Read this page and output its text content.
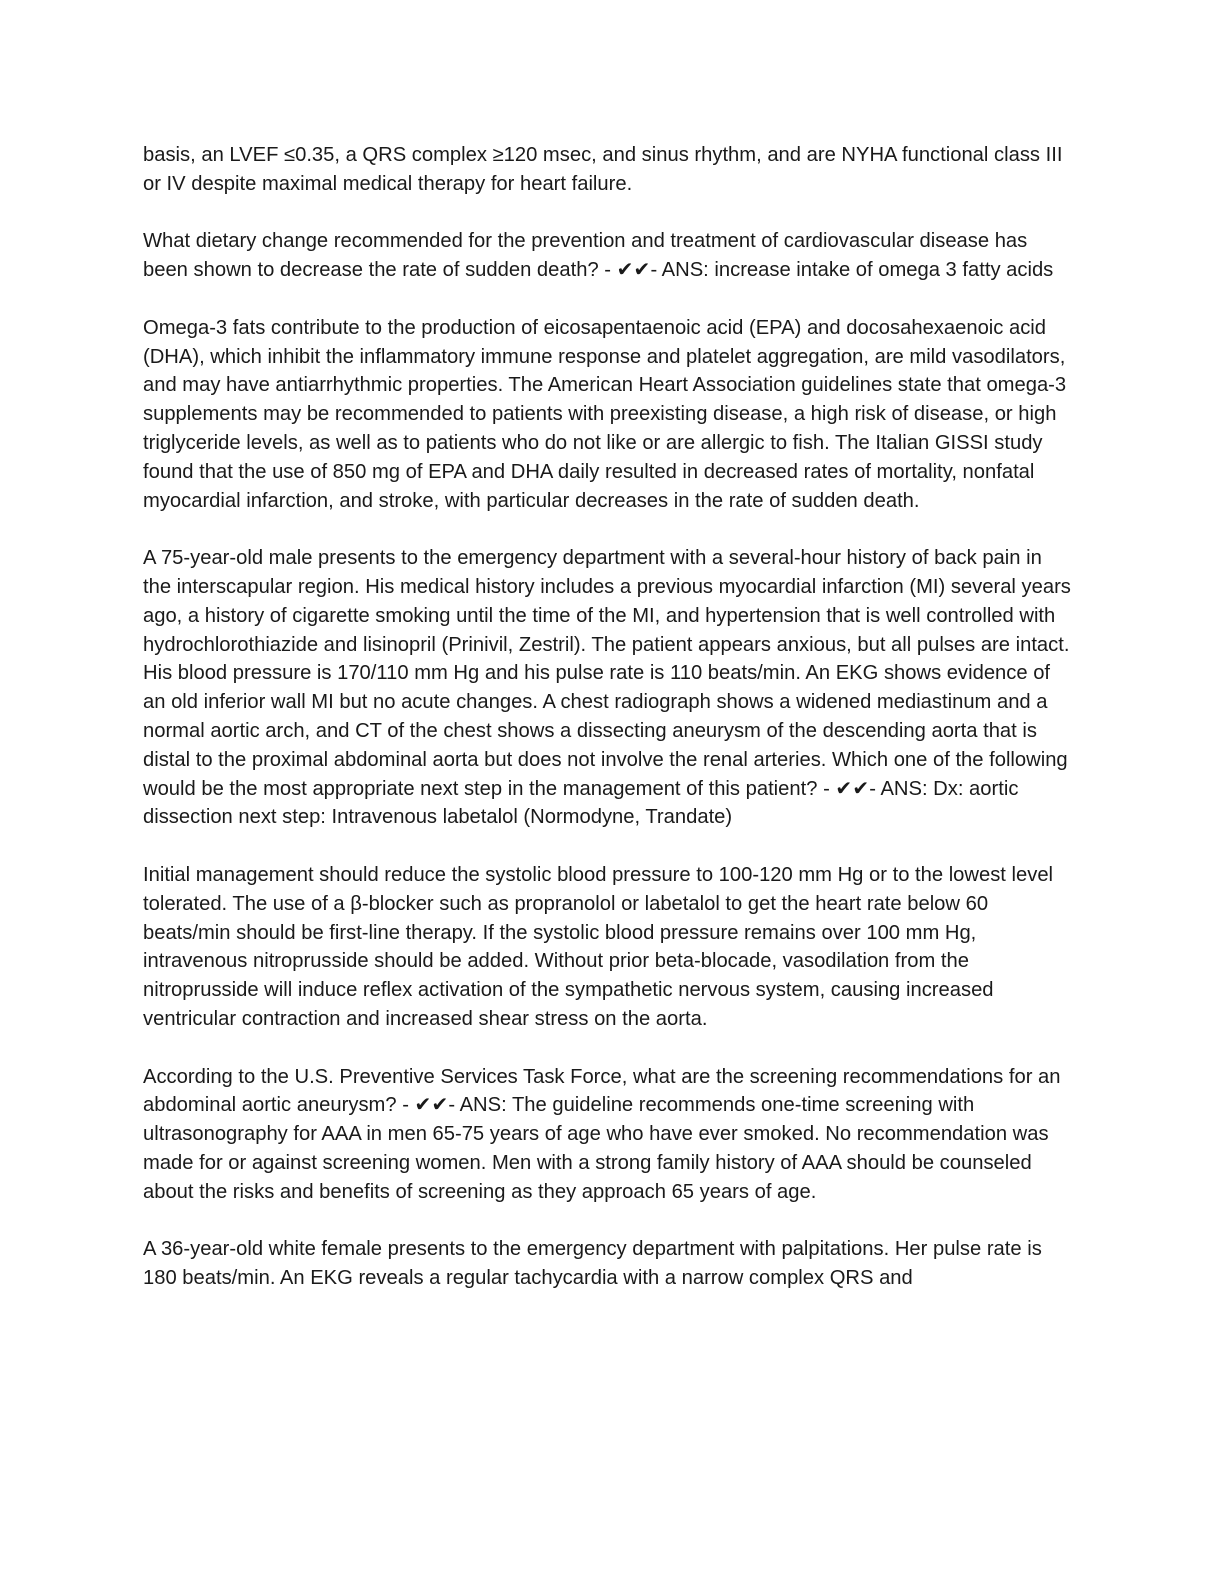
basis, an LVEF ≤0.35, a QRS complex ≥120 msec, and sinus rhythm, and are NYHA functional class III or IV despite maximal medical therapy for heart failure.

What dietary change recommended for the prevention and treatment of cardiovascular disease has been shown to decrease the rate of sudden death? - ✔✔- ANS: increase intake of omega 3 fatty acids

Omega-3 fats contribute to the production of eicosapentaenoic acid (EPA) and docosahexaenoic acid (DHA), which inhibit the inflammatory immune response and platelet aggregation, are mild vasodilators, and may have antiarrhythmic properties. The American Heart Association guidelines state that omega-3 supplements may be recommended to patients with preexisting disease, a high risk of disease, or high triglyceride levels, as well as to patients who do not like or are allergic to fish. The Italian GISSI study found that the use of 850 mg of EPA and DHA daily resulted in decreased rates of mortality, nonfatal myocardial infarction, and stroke, with particular decreases in the rate of sudden death.

A 75-year-old male presents to the emergency department with a several-hour history of back pain in the interscapular region. His medical history includes a previous myocardial infarction (MI) several years ago, a history of cigarette smoking until the time of the MI, and hypertension that is well controlled with hydrochlorothiazide and lisinopril (Prinivil, Zestril). The patient appears anxious, but all pulses are intact. His blood pressure is 170/110 mm Hg and his pulse rate is 110 beats/min. An EKG shows evidence of an old inferior wall MI but no acute changes. A chest radiograph shows a widened mediastinum and a normal aortic arch, and CT of the chest shows a dissecting aneurysm of the descending aorta that is distal to the proximal abdominal aorta but does not involve the renal arteries. Which one of the following would be the most appropriate next step in the management of this patient? - ✔✔- ANS: Dx: aortic dissection next step: Intravenous labetalol (Normodyne, Trandate)

Initial management should reduce the systolic blood pressure to 100-120 mm Hg or to the lowest level tolerated. The use of a β-blocker such as propranolol or labetalol to get the heart rate below 60 beats/min should be first-line therapy. If the systolic blood pressure remains over 100 mm Hg, intravenous nitroprusside should be added. Without prior beta-blocade, vasodilation from the nitroprusside will induce reflex activation of the sympathetic nervous system, causing increased ventricular contraction and increased shear stress on the aorta.

According to the U.S. Preventive Services Task Force, what are the screening recommendations for an abdominal aortic aneurysm? - ✔✔- ANS: The guideline recommends one-time screening with ultrasonography for AAA in men 65-75 years of age who have ever smoked. No recommendation was made for or against screening women. Men with a strong family history of AAA should be counseled about the risks and benefits of screening as they approach 65 years of age.

A 36-year-old white female presents to the emergency department with palpitations. Her pulse rate is 180 beats/min. An EKG reveals a regular tachycardia with a narrow complex QRS and
